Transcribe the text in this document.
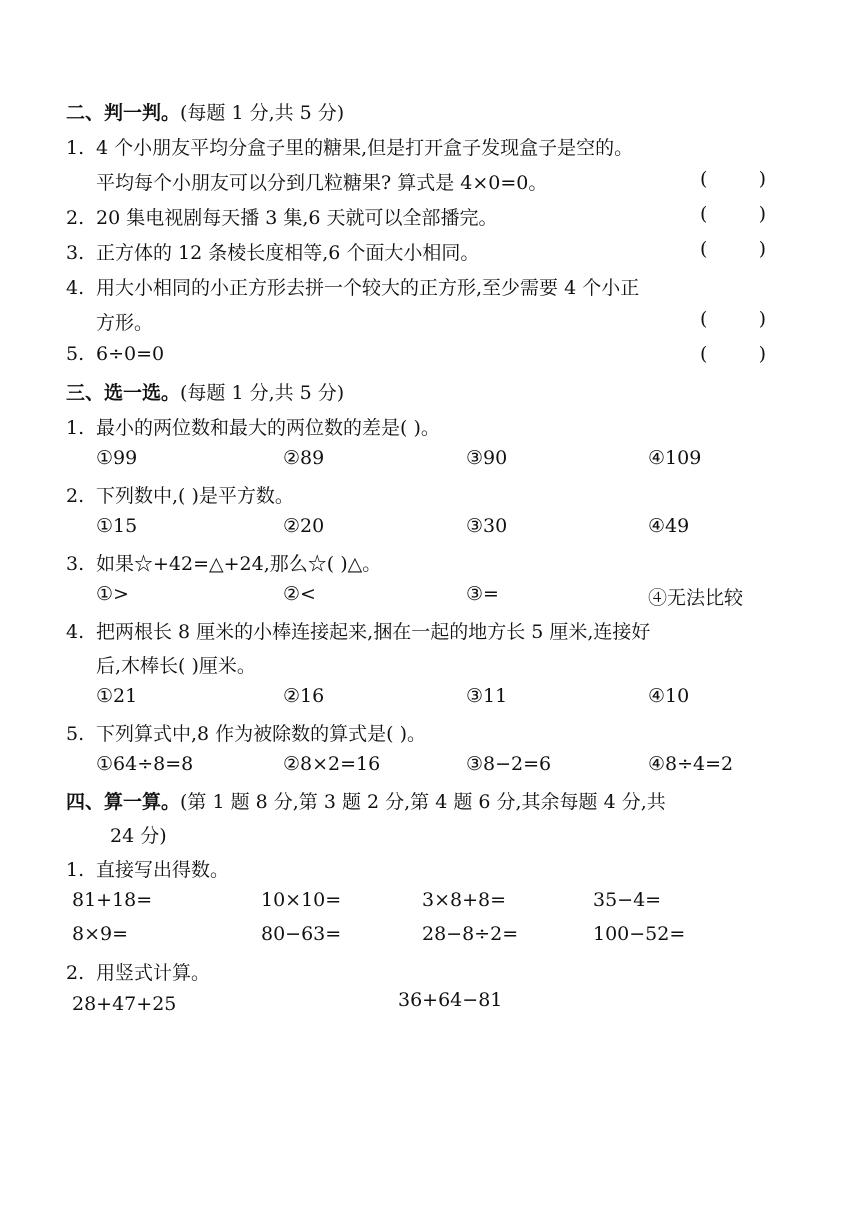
二、判一判。(每题 1 分,共 5 分)
1. 4 个小朋友平均分盒子里的糖果,但是打开盒子发现盒子是空的。
平均每个小朋友可以分到几粒糖果? 算式是 4×0=0。	(	)
2. 20 集电视剧每天播 3 集,6 天就可以全部播完。	(	)
3. 正方体的 12 条棱长度相等,6 个面大小相同。	(	)
4. 用大小相同的小正方形去拼一个较大的正方形,至少需要 4 个小正
方形。	(	)
5. 6÷0=0	(	)
三、选一选。(每题 1 分,共 5 分)
1. 最小的两位数和最大的两位数的差是( )。
①99	②89	③90	④109
2. 下列数中,( )是平方数。
①15	②20	③30	④49
3. 如果☆+42=△+24,那么☆( )△。
①>	②<	③=	④无法比较
4. 把两根长 8 厘米的小棒连接起来,捆在一起的地方长 5 厘米,连接好
后,木棒长( )厘米。
①21	②16	③11	④10
5. 下列算式中,8 作为被除数的算式是( )。
①64÷8=8	②8×2=16	③8−2=6	④8÷4=2
四、算一算。(第 1 题 8 分,第 3 题 2 分,第 4 题 6 分,其余每题 4 分,共
24 分)
1. 直接写出得数。
81+18=	10×10=	3×8+8=	35−4=
8×9=	80−63=	28−8÷2=	100−52=
2. 用竖式计算。
28+47+25	36+64−81
